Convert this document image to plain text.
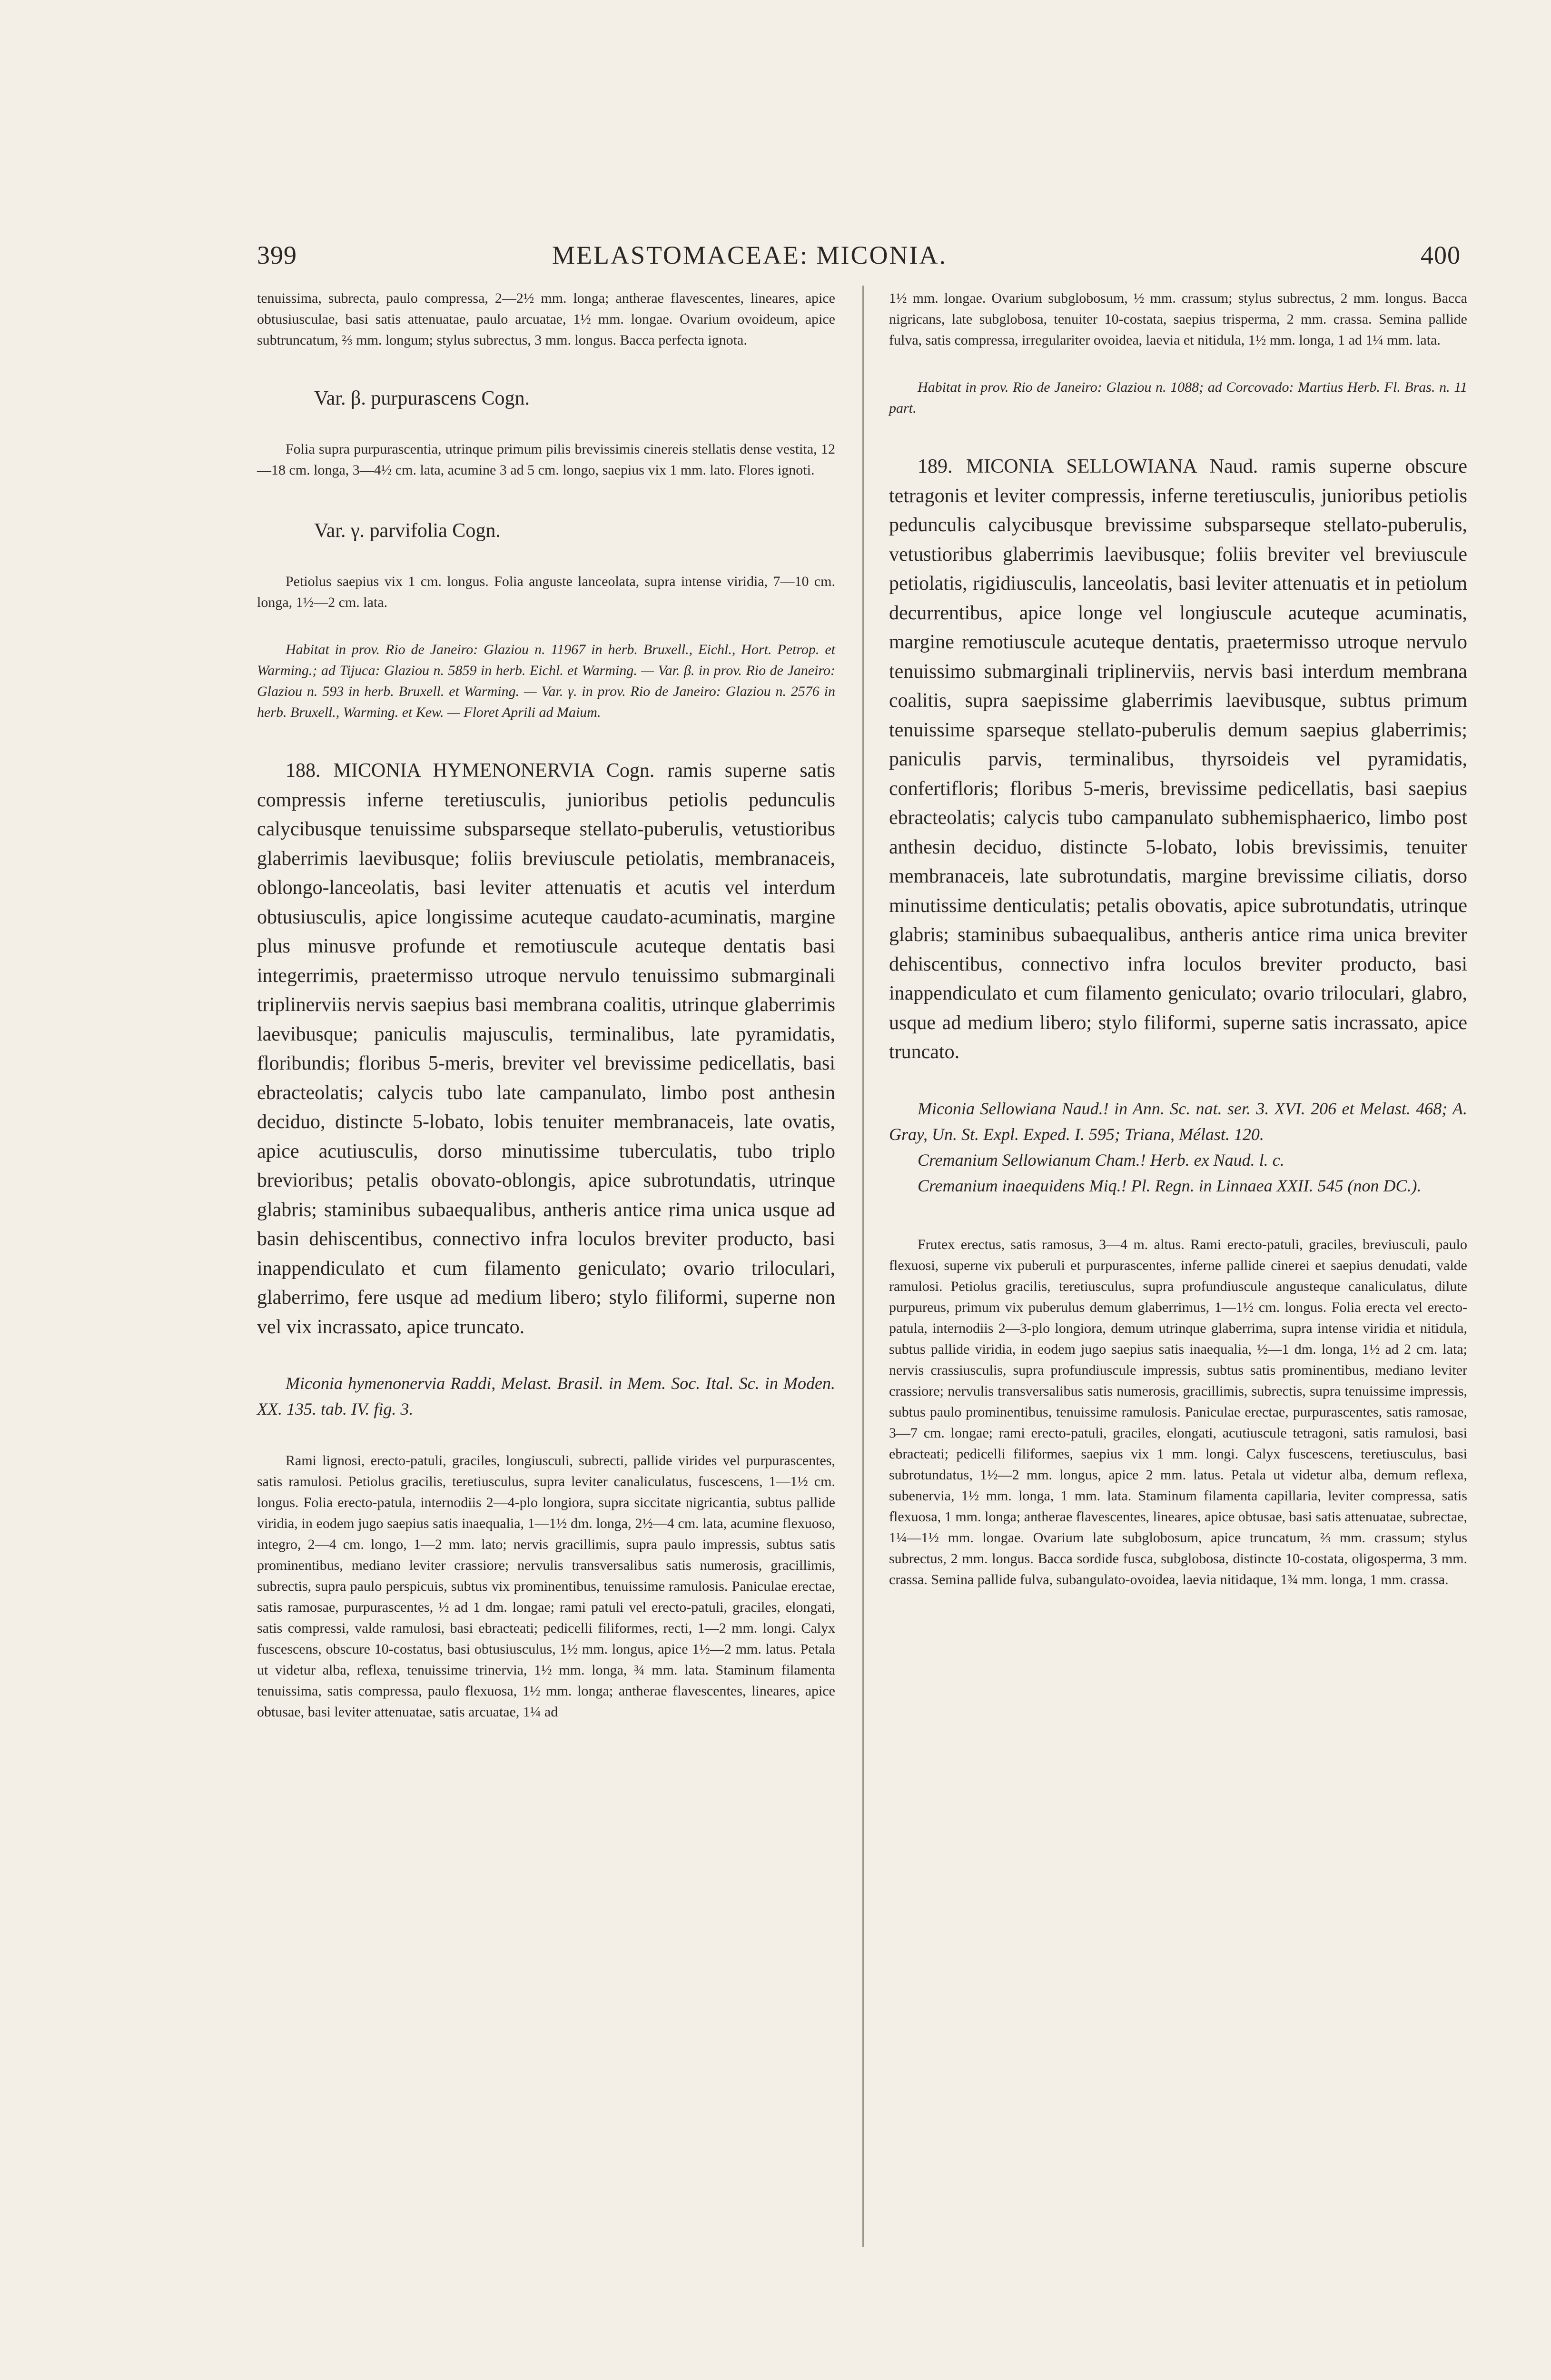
399	MELASTOMACEAE: MICONIA.	400

tenuissima, subrecta, paulo compressa, 2—2½ mm. longa; antherae flavescentes, lineares, apice obtusiusculae, basi satis attenuatae, paulo arcuatae, 1½ mm. longae. Ovarium ovoideum, apice subtruncatum, ⅔ mm. longum; stylus subrectus, 3 mm. longus. Bacca perfecta ignota.

Var. β. purpurascens Cogn.

Folia supra purpurascentia, utrinque primum pilis brevissimis cinereis stellatis dense vestita, 12—18 cm. longa, 3—4½ cm. lata, acumine 3 ad 5 cm. longo, saepius vix 1 mm. lato. Flores ignoti.

Var. γ. parvifolia Cogn.

Petiolus saepius vix 1 cm. longus. Folia anguste lanceolata, supra intense viridia, 7—10 cm. longa, 1½—2 cm. lata.

Habitat in prov. Rio de Janeiro: Glaziou n. 11967 in herb. Bruxell., Eichl., Hort. Petrop. et Warming.; ad Tijuca: Glaziou n. 5859 in herb. Eichl. et Warming. — Var. β. in prov. Rio de Janeiro: Glaziou n. 593 in herb. Bruxell. et Warming. — Var. γ. in prov. Rio de Janeiro: Glaziou n. 2576 in herb. Bruxell., Warming. et Kew. — Floret Aprili ad Maium.

188. MICONIA HYMENONERVIA Cogn. ramis superne satis compressis inferne teretiusculis, junioribus petiolis pedunculis calycibusque tenuissime subsparseque stellato-puberulis, vetustioribus glaberrimis laevibusque; foliis breviuscule petiolatis, membranaceis, oblongo-lanceolatis, basi leviter attenuatis et acutis vel interdum obtusiusculis, apice longissime acuteque caudato-acuminatis, margine plus minusve profunde et remotiuscule acuteque dentatis basi integerrimis, praetermisso utroque nervulo tenuissimo submarginali triplinerviis nervis saepius basi membrana coalitis, utrinque glaberrimis laevibusque; paniculis majusculis, terminalibus, late pyramidatis, floribundis; floribus 5-meris, breviter vel brevissime pedicellatis, basi ebracteolatis; calycis tubo late campanulato, limbo post anthesin deciduo, distincte 5-lobato, lobis tenuiter membranaceis, late ovatis, apice acutiusculis, dorso minutissime tuberculatis, tubo triplo brevioribus; petalis obovato-oblongis, apice subrotundatis, utrinque glabris; staminibus subaequalibus, antheris antice rima unica usque ad basin dehiscentibus, connectivo infra loculos breviter producto, basi inappendiculato et cum filamento geniculato; ovario triloculari, glaberrimo, fere usque ad medium libero; stylo filiformi, superne non vel vix incrassato, apice truncato.

Miconia hymenonervia Raddi, Melast. Brasil. in Mem. Soc. Ital. Sc. in Moden. XX. 135. tab. IV. fig. 3.

Rami lignosi, erecto-patuli, graciles, longiusculi, subrecti, pallide virides vel purpurascentes, satis ramulosi. Petiolus gracilis, teretiusculus, supra leviter canaliculatus, fuscescens, 1—1½ cm. longus. Folia erecto-patula, internodiis 2—4-plo longiora, supra siccitate nigricantia, subtus pallide viridia, in eodem jugo saepius satis inaequalia, 1—1½ dm. longa, 2½—4 cm. lata, acumine flexuoso, integro, 2—4 cm. longo, 1—2 mm. lato; nervis gracillimis, supra paulo impressis, subtus satis prominentibus, mediano leviter crassiore; nervulis transversalibus satis numerosis, gracillimis, subrectis, supra paulo perspicuis, subtus vix prominentibus, tenuissime ramulosis. Paniculae erectae, satis ramosae, purpurascentes, ½ ad 1 dm. longae; rami patuli vel erecto-patuli, graciles, elongati, satis compressi, valde ramulosi, basi ebracteati; pedicelli filiformes, recti, 1—2 mm. longi. Calyx fuscescens, obscure 10-costatus, basi obtusiusculus, 1½ mm. longus, apice 1½—2 mm. latus. Petala ut videtur alba, reflexa, tenuissime trinervia, 1½ mm. longa, ¾ mm. lata. Staminum filamenta tenuissima, satis compressa, paulo flexuosa, 1½ mm. longa; antherae flavescentes, lineares, apice obtusae, basi leviter attenuatae, satis arcuatae, 1¼ ad

1½ mm. longae. Ovarium subglobosum, ½ mm. crassum; stylus subrectus, 2 mm. longus. Bacca nigricans, late subglobosa, tenuiter 10-costata, saepius trisperma, 2 mm. crassa. Semina pallide fulva, satis compressa, irregulariter ovoidea, laevia et nitidula, 1½ mm. longa, 1 ad 1¼ mm. lata.

Habitat in prov. Rio de Janeiro: Glaziou n. 1088; ad Corcovado: Martius Herb. Fl. Bras. n. 11 part.

189. MICONIA SELLOWIANA Naud. ramis superne obscure tetragonis et leviter compressis, inferne teretiusculis, junioribus petiolis pedunculis calycibusque brevissime subsparseque stellato-puberulis, vetustioribus glaberrimis laevibusque; foliis breviter vel breviuscule petiolatis, rigidiusculis, lanceolatis, basi leviter attenuatis et in petiolum decurrentibus, apice longe vel longiuscule acuteque acuminatis, margine remotiuscule acuteque dentatis, praetermisso utroque nervulo tenuissimo submarginali triplinerviis, nervis basi interdum membrana coalitis, supra saepissime glaberrimis laevibusque, subtus primum tenuissime sparseque stellato-puberulis demum saepius glaberrimis; paniculis parvis, terminalibus, thyrsoideis vel pyramidatis, confertifloris; floribus 5-meris, brevissime pedicellatis, basi saepius ebracteolatis; calycis tubo campanulato subhemisphaerico, limbo post anthesin deciduo, distincte 5-lobato, lobis brevissimis, tenuiter membranaceis, late subrotundatis, margine brevissime ciliatis, dorso minutissime denticulatis; petalis obovatis, apice subrotundatis, utrinque glabris; staminibus subaequalibus, antheris antice rima unica breviter dehiscentibus, connectivo infra loculos breviter producto, basi inappendiculato et cum filamento geniculato; ovario triloculari, glabro, usque ad medium libero; stylo filiformi, superne satis incrassato, apice truncato.

Miconia Sellowiana Naud.! in Ann. Sc. nat. ser. 3. XVI. 206 et Melast. 468; A. Gray, Un. St. Expl. Exped. I. 595; Triana, Mélast. 120.

Cremanium Sellowianum Cham.! Herb. ex Naud. l. c.

Cremanium inaequidens Miq.! Pl. Regn. in Linnaea XXII. 545 (non DC.).

Frutex erectus, satis ramosus, 3—4 m. altus. Rami erecto-patuli, graciles, breviusculi, paulo flexuosi, superne vix puberuli et purpurascentes, inferne pallide cinerei et saepius denudati, valde ramulosi. Petiolus gracilis, teretiusculus, supra profundiuscule angusteque canaliculatus, dilute purpureus, primum vix puberulus demum glaberrimus, 1—1½ cm. longus. Folia erecta vel erecto-patula, internodiis 2—3-plo longiora, demum utrinque glaberrima, supra intense viridia et nitidula, subtus pallide viridia, in eodem jugo saepius satis inaequalia, ½—1 dm. longa, 1½ ad 2 cm. lata; nervis crassiusculis, supra profundiuscule impressis, subtus satis prominentibus, mediano leviter crassiore; nervulis transversalibus satis numerosis, gracillimis, subrectis, supra tenuissime impressis, subtus paulo prominentibus, tenuissime ramulosis. Paniculae erectae, purpurascentes, satis ramosae, 3—7 cm. longae; rami erecto-patuli, graciles, elongati, acutiuscule tetragoni, satis ramulosi, basi ebracteati; pedicelli filiformes, saepius vix 1 mm. longi. Calyx fuscescens, teretiusculus, basi subrotundatus, 1½—2 mm. longus, apice 2 mm. latus. Petala ut videtur alba, demum reflexa, subenervia, 1½ mm. longa, 1 mm. lata. Staminum filamenta capillaria, leviter compressa, satis flexuosa, 1 mm. longa; antherae flavescentes, lineares, apice obtusae, basi satis attenuatae, subrectae, 1¼—1½ mm. longae. Ovarium late subglobosum, apice truncatum, ⅔ mm. crassum; stylus subrectus, 2 mm. longus. Bacca sordide fusca, subglobosa, distincte 10-costata, oligosperma, 3 mm. crassa. Semina pallide fulva, subangulato-ovoidea, laevia nitidaque, 1¾ mm. longa, 1 mm. crassa.
